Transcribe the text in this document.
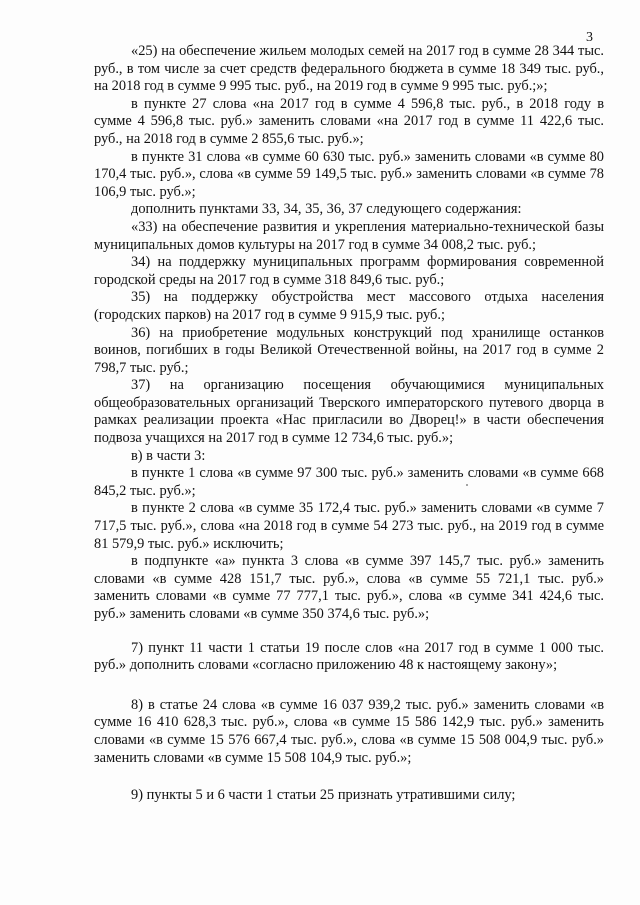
3

«25) на обеспечение жильем молодых семей на 2017 год в сумме 28 344 тыс. руб., в том числе за счет средств федерального бюджета в сумме 18 349 тыс. руб., на 2018 год в сумме 9 995 тыс. руб., на 2019 год в сумме 9 995 тыс. руб.;»;

в пункте 27 слова «на 2017 год в сумме 4 596,8 тыс. руб., в 2018 году в сумме 4 596,8 тыс. руб.» заменить словами «на 2017 год в сумме 11 422,6 тыс. руб., на 2018 год в сумме 2 855,6 тыс. руб.»;

в пункте 31 слова «в сумме 60 630 тыс. руб.» заменить словами «в сумме 80 170,4 тыс. руб.», слова «в сумме 59 149,5 тыс. руб.» заменить словами «в сумме 78 106,9 тыс. руб.»;

дополнить пунктами 33, 34, 35, 36, 37 следующего содержания:

«33) на обеспечение развития и укрепления материально-технической базы муниципальных домов культуры на 2017 год в сумме 34 008,2 тыс. руб.;

34) на поддержку муниципальных программ формирования современной городской среды на 2017 год в сумме 318 849,6 тыс. руб.;

35) на поддержку обустройства мест массового отдыха населения (городских парков) на 2017 год в сумме 9 915,9 тыс. руб.;

36) на приобретение модульных конструкций под хранилище останков воинов, погибших в годы Великой Отечественной войны, на 2017 год в сумме 2 798,7 тыс. руб.;

37) на организацию посещения обучающимися муниципальных общеобразовательных организаций Тверского императорского путевого дворца в рамках реализации проекта «Нас пригласили во Дворец!» в части обеспечения подвоза учащихся на 2017 год в сумме 12 734,6 тыс. руб.»;

в) в части 3:

в пункте 1 слова «в сумме 97 300 тыс. руб.» заменить словами «в сумме 668 845,2 тыс. руб.»;

в пункте 2 слова «в сумме 35 172,4 тыс. руб.» заменить словами «в сумме 7 717,5 тыс. руб.», слова «на 2018 год в сумме 54 273 тыс. руб., на 2019 год в сумме 81 579,9 тыс. руб.» исключить;

в подпункте «а» пункта 3 слова «в сумме 397 145,7 тыс. руб.» заменить словами «в сумме 428 151,7 тыс. руб.», слова «в сумме 55 721,1 тыс. руб.» заменить словами «в сумме 77 777,1 тыс. руб.», слова «в сумме 341 424,6 тыс. руб.» заменить словами «в сумме 350 374,6 тыс. руб.»;

7) пункт 11 части 1 статьи 19 после слов «на 2017 год в сумме 1 000 тыс. руб.» дополнить словами «согласно приложению 48 к настоящему закону»;

8) в статье 24 слова «в сумме 16 037 939,2 тыс. руб.» заменить словами «в сумме 16 410 628,3 тыс. руб.», слова «в сумме 15 586 142,9 тыс. руб.» заменить словами «в сумме 15 576 667,4 тыс. руб.», слова «в сумме 15 508 004,9 тыс. руб.» заменить словами «в сумме 15 508 104,9 тыс. руб.»;

9) пункты 5 и 6 части 1 статьи 25 признать утратившими силу;
